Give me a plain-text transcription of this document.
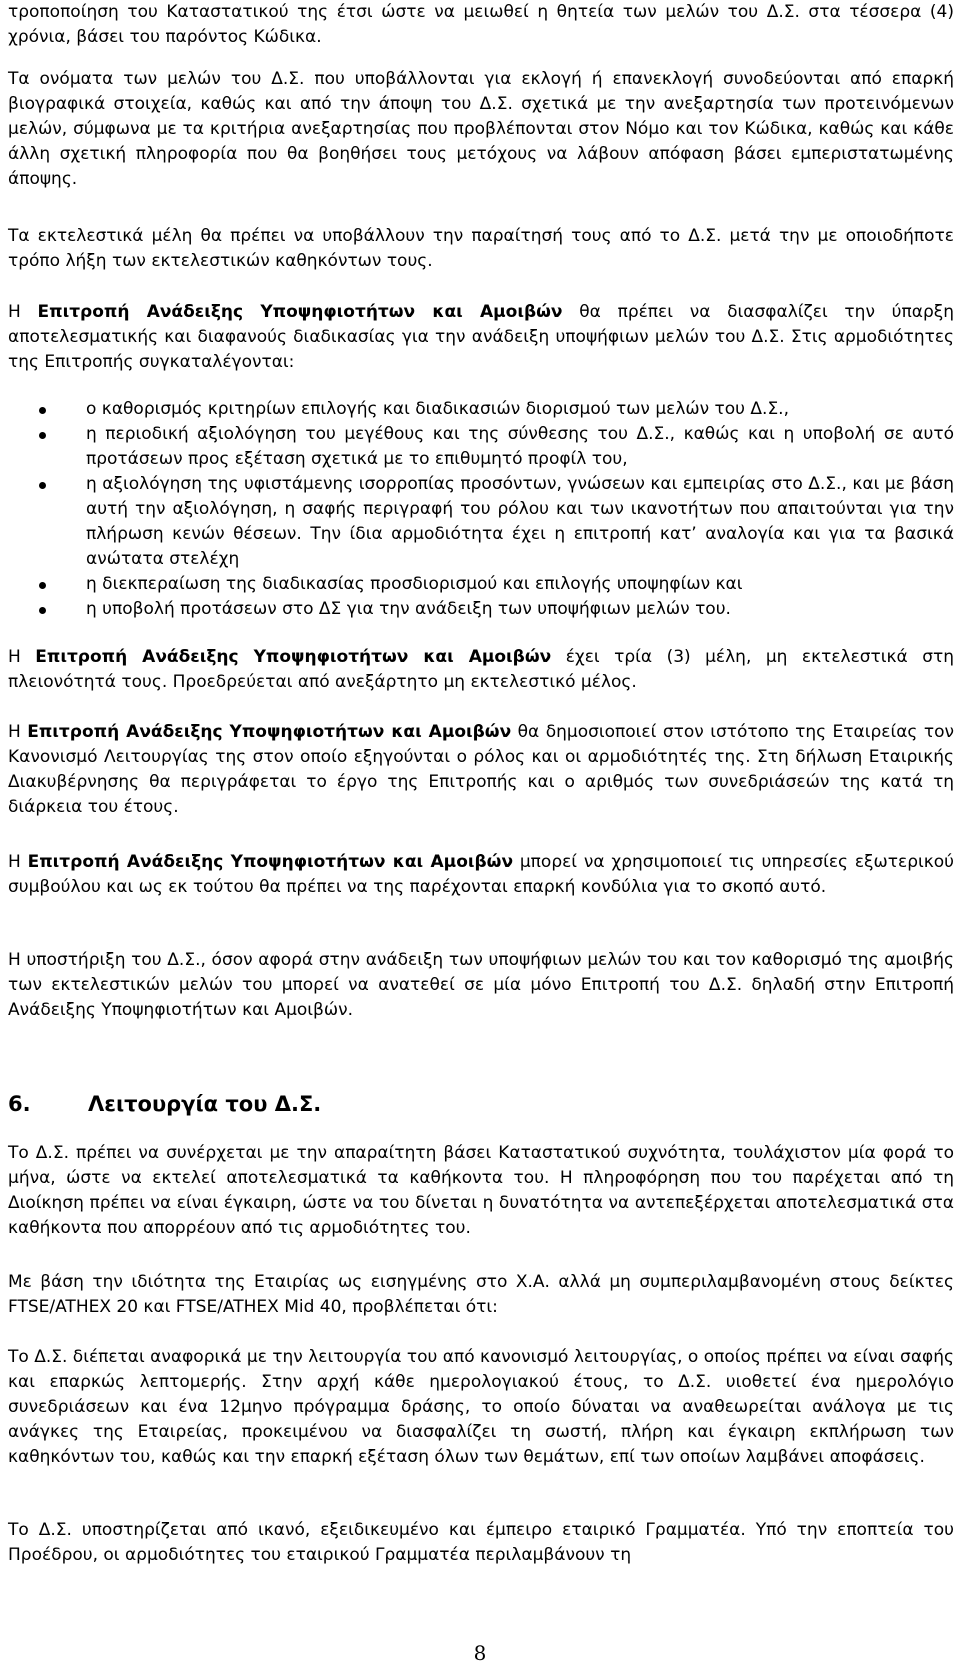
τροποποίηση του Καταστατικού της έτσι ώστε να μειωθεί η θητεία των μελών του Δ.Σ. στα τέσσερα (4) χρόνια, βάσει του παρόντος Κώδικα.

Τα ονόματα των μελών του Δ.Σ. που υποβάλλονται για εκλογή ή επανεκλογή συνοδεύονται από επαρκή βιογραφικά στοιχεία, καθώς και από την άποψη του Δ.Σ. σχετικά με την ανεξαρτησία των προτεινόμενων μελών, σύμφωνα με τα κριτήρια ανεξαρτησίας που προβλέπονται στον Νόμο και τον Κώδικα, καθώς και κάθε άλλη σχετική πληροφορία που θα βοηθήσει τους μετόχους να λάβουν απόφαση βάσει εμπεριστατωμένης άποψης.

Τα εκτελεστικά μέλη θα πρέπει να υποβάλλουν την παραίτησή τους από το Δ.Σ. μετά την με οποιοδήποτε τρόπο λήξη των εκτελεστικών καθηκόντων τους.

Η Επιτροπή Ανάδειξης Υποψηφιοτήτων και Αμοιβών θα πρέπει να διασφαλίζει την ύπαρξη αποτελεσματικής και διαφανούς διαδικασίας για την ανάδειξη υποψήφιων μελών του Δ.Σ. Στις αρμοδιότητες της Επιτροπής συγκαταλέγονται:

ο καθορισμός κριτηρίων επιλογής και διαδικασιών διορισμού των μελών του Δ.Σ.,
η περιοδική αξιολόγηση του μεγέθους και της σύνθεσης του Δ.Σ., καθώς και η υποβολή σε αυτό προτάσεων προς εξέταση σχετικά με το επιθυμητό προφίλ του,
η αξιολόγηση της υφιστάμενης ισορροπίας προσόντων, γνώσεων και εμπειρίας στο Δ.Σ., και με βάση αυτή την αξιολόγηση, η σαφής περιγραφή του ρόλου και των ικανοτήτων που απαιτούνται για την πλήρωση κενών θέσεων. Την ίδια αρμοδιότητα έχει η επιτροπή κατ’ αναλογία και για τα βασικά ανώτατα στελέχη
η διεκπεραίωση της διαδικασίας προσδιορισμού και επιλογής υποψηφίων και
η υποβολή προτάσεων στο ΔΣ για την ανάδειξη των υποψήφιων μελών του.

Η Επιτροπή Ανάδειξης Υποψηφιοτήτων και Αμοιβών έχει τρία (3) μέλη, μη εκτελεστικά στη πλειονότητά τους. Προεδρεύεται από ανεξάρτητο μη εκτελεστικό μέλος.

Η Επιτροπή Ανάδειξης Υποψηφιοτήτων και Αμοιβών θα δημοσιοποιεί στον ιστότοπο της Εταιρείας τον Κανονισμό Λειτουργίας της στον οποίο εξηγούνται ο ρόλος και οι αρμοδιότητές της. Στη δήλωση Εταιρικής Διακυβέρνησης θα περιγράφεται το έργο της Επιτροπής και ο αριθμός των συνεδριάσεών της κατά τη διάρκεια του έτους.

Η Επιτροπή Ανάδειξης Υποψηφιοτήτων και Αμοιβών μπορεί να χρησιμοποιεί τις υπηρεσίες εξωτερικού συμβούλου και ως εκ τούτου θα πρέπει να της παρέχονται επαρκή κονδύλια για το σκοπό αυτό.

Η υποστήριξη του Δ.Σ., όσον αφορά στην ανάδειξη των υποψήφιων μελών του και τον καθορισμό της αμοιβής των εκτελεστικών μελών του μπορεί να ανατεθεί σε μία μόνο Επιτροπή του Δ.Σ. δηλαδή στην Επιτροπή Ανάδειξης Υποψηφιοτήτων και Αμοιβών.

6.	Λειτουργία του Δ.Σ.

Το Δ.Σ. πρέπει να συνέρχεται με την απαραίτητη βάσει Καταστατικού συχνότητα, τουλάχιστον μία φορά το μήνα, ώστε να εκτελεί αποτελεσματικά τα καθήκοντα του. Η πληροφόρηση που του παρέχεται από τη Διοίκηση πρέπει να είναι έγκαιρη, ώστε να του δίνεται η δυνατότητα να αντεπεξέρχεται αποτελεσματικά στα καθήκοντα που απορρέουν από τις αρμοδιότητες του.

Με βάση την ιδιότητα της Εταιρίας ως εισηγμένης στο Χ.Α. αλλά μη συμπεριλαμβανομένη στους δείκτες FTSE/ATHEX 20 και FTSE/ATHEX Mid 40, προβλέπεται ότι:

Το Δ.Σ. διέπεται αναφορικά με την λειτουργία του από κανονισμό λειτουργίας, ο οποίος πρέπει να είναι σαφής και επαρκώς λεπτομερής. Στην αρχή κάθε ημερολογιακού έτους, το Δ.Σ. υιοθετεί ένα ημερολόγιο συνεδριάσεων και ένα 12μηνο πρόγραμμα δράσης, το οποίο δύναται να αναθεωρείται ανάλογα με τις ανάγκες της Εταιρείας, προκειμένου να διασφαλίζει τη σωστή, πλήρη και έγκαιρη εκπλήρωση των καθηκόντων του, καθώς και την επαρκή εξέταση όλων των θεμάτων, επί των οποίων λαμβάνει αποφάσεις.

Το Δ.Σ. υποστηρίζεται από ικανό, εξειδικευμένο και έμπειρο εταιρικό Γραμματέα. Υπό την εποπτεία του Προέδρου, οι αρμοδιότητες του εταιρικού Γραμματέα περιλαμβάνουν τη

8
